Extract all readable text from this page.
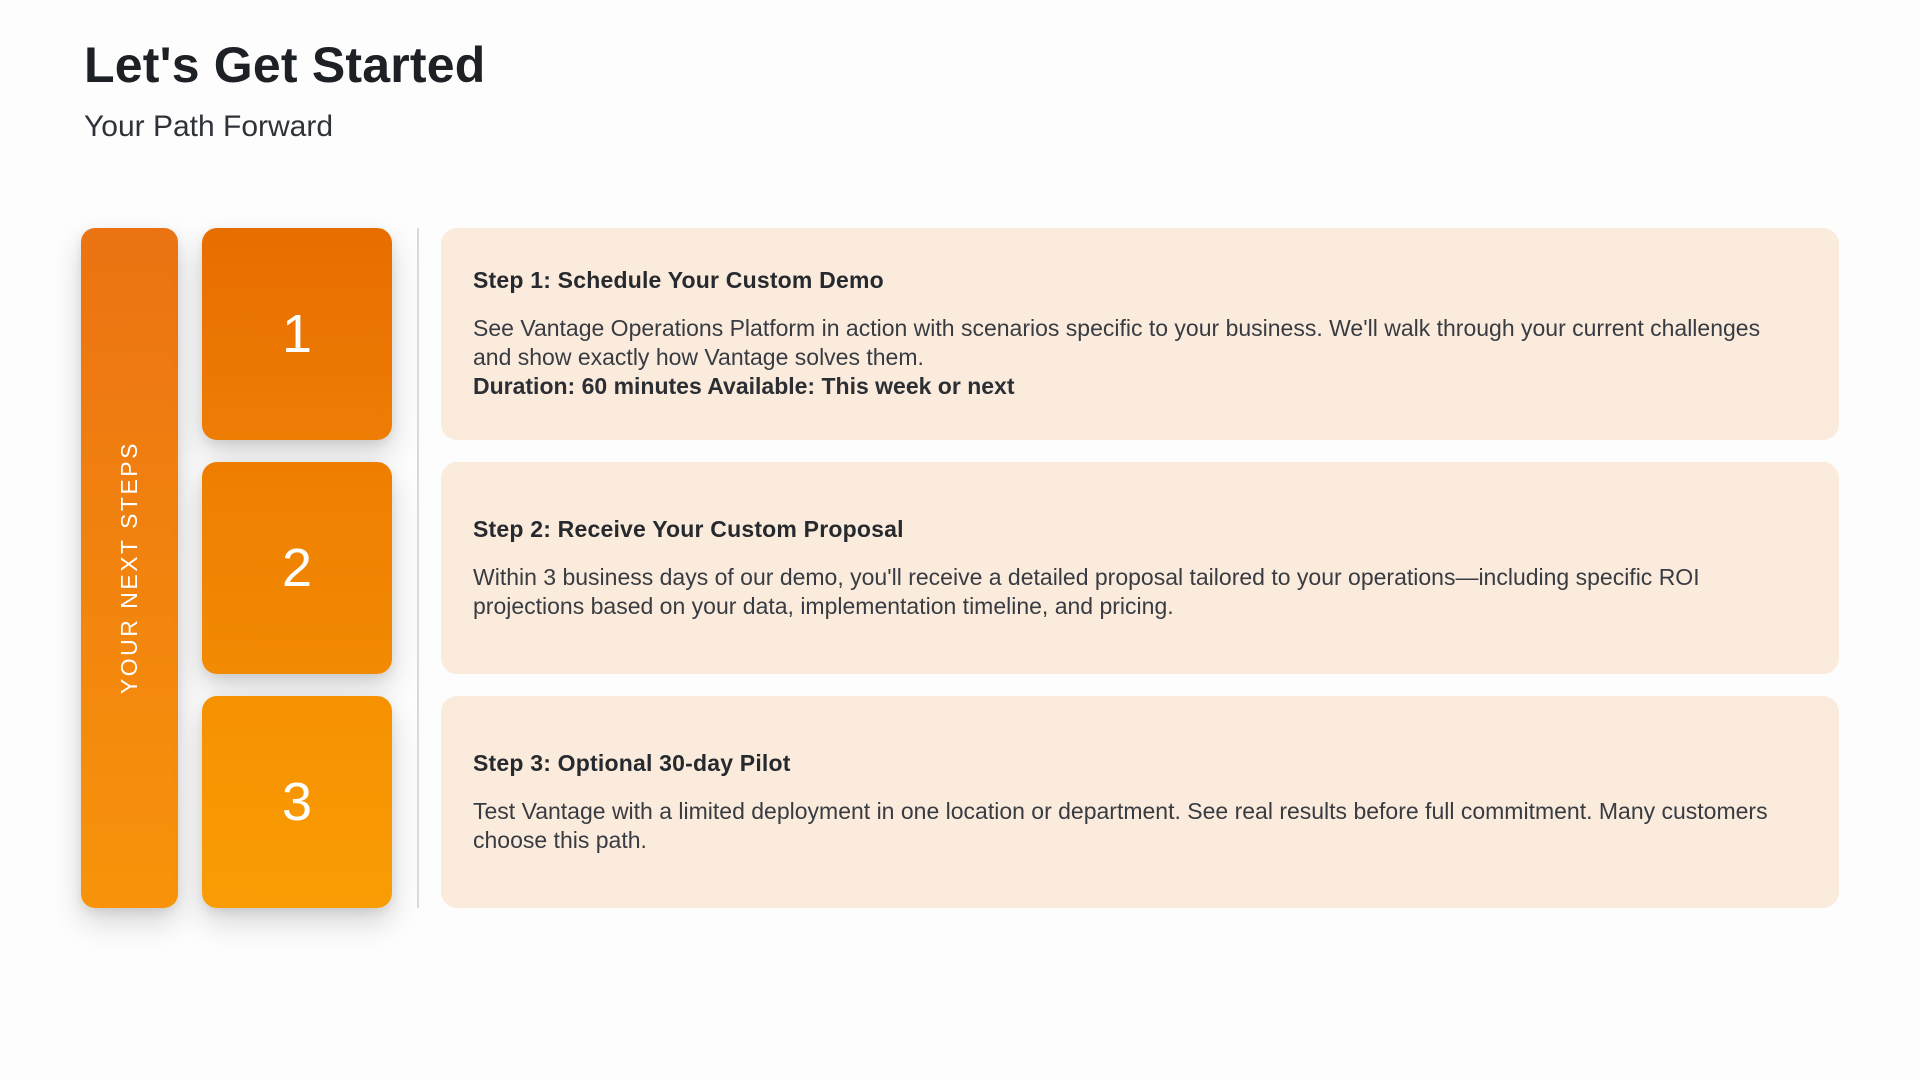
Let's Get Started
Your Path Forward
YOUR NEXT STEPS
1
2
3
Step 1: Schedule Your Custom Demo

See Vantage Operations Platform in action with scenarios specific to your business. We'll walk through your current challenges and show exactly how Vantage solves them.

Duration: 60 minutes Available: This week or next
Step 2: Receive Your Custom Proposal

Within 3 business days of our demo, you'll receive a detailed proposal tailored to your operations—including specific ROI projections based on your data, implementation timeline, and pricing.

Step 3: Optional 30-day Pilot

Test Vantage with a limited deployment in one location or department. See real results before full commitment. Many customers choose this path.
